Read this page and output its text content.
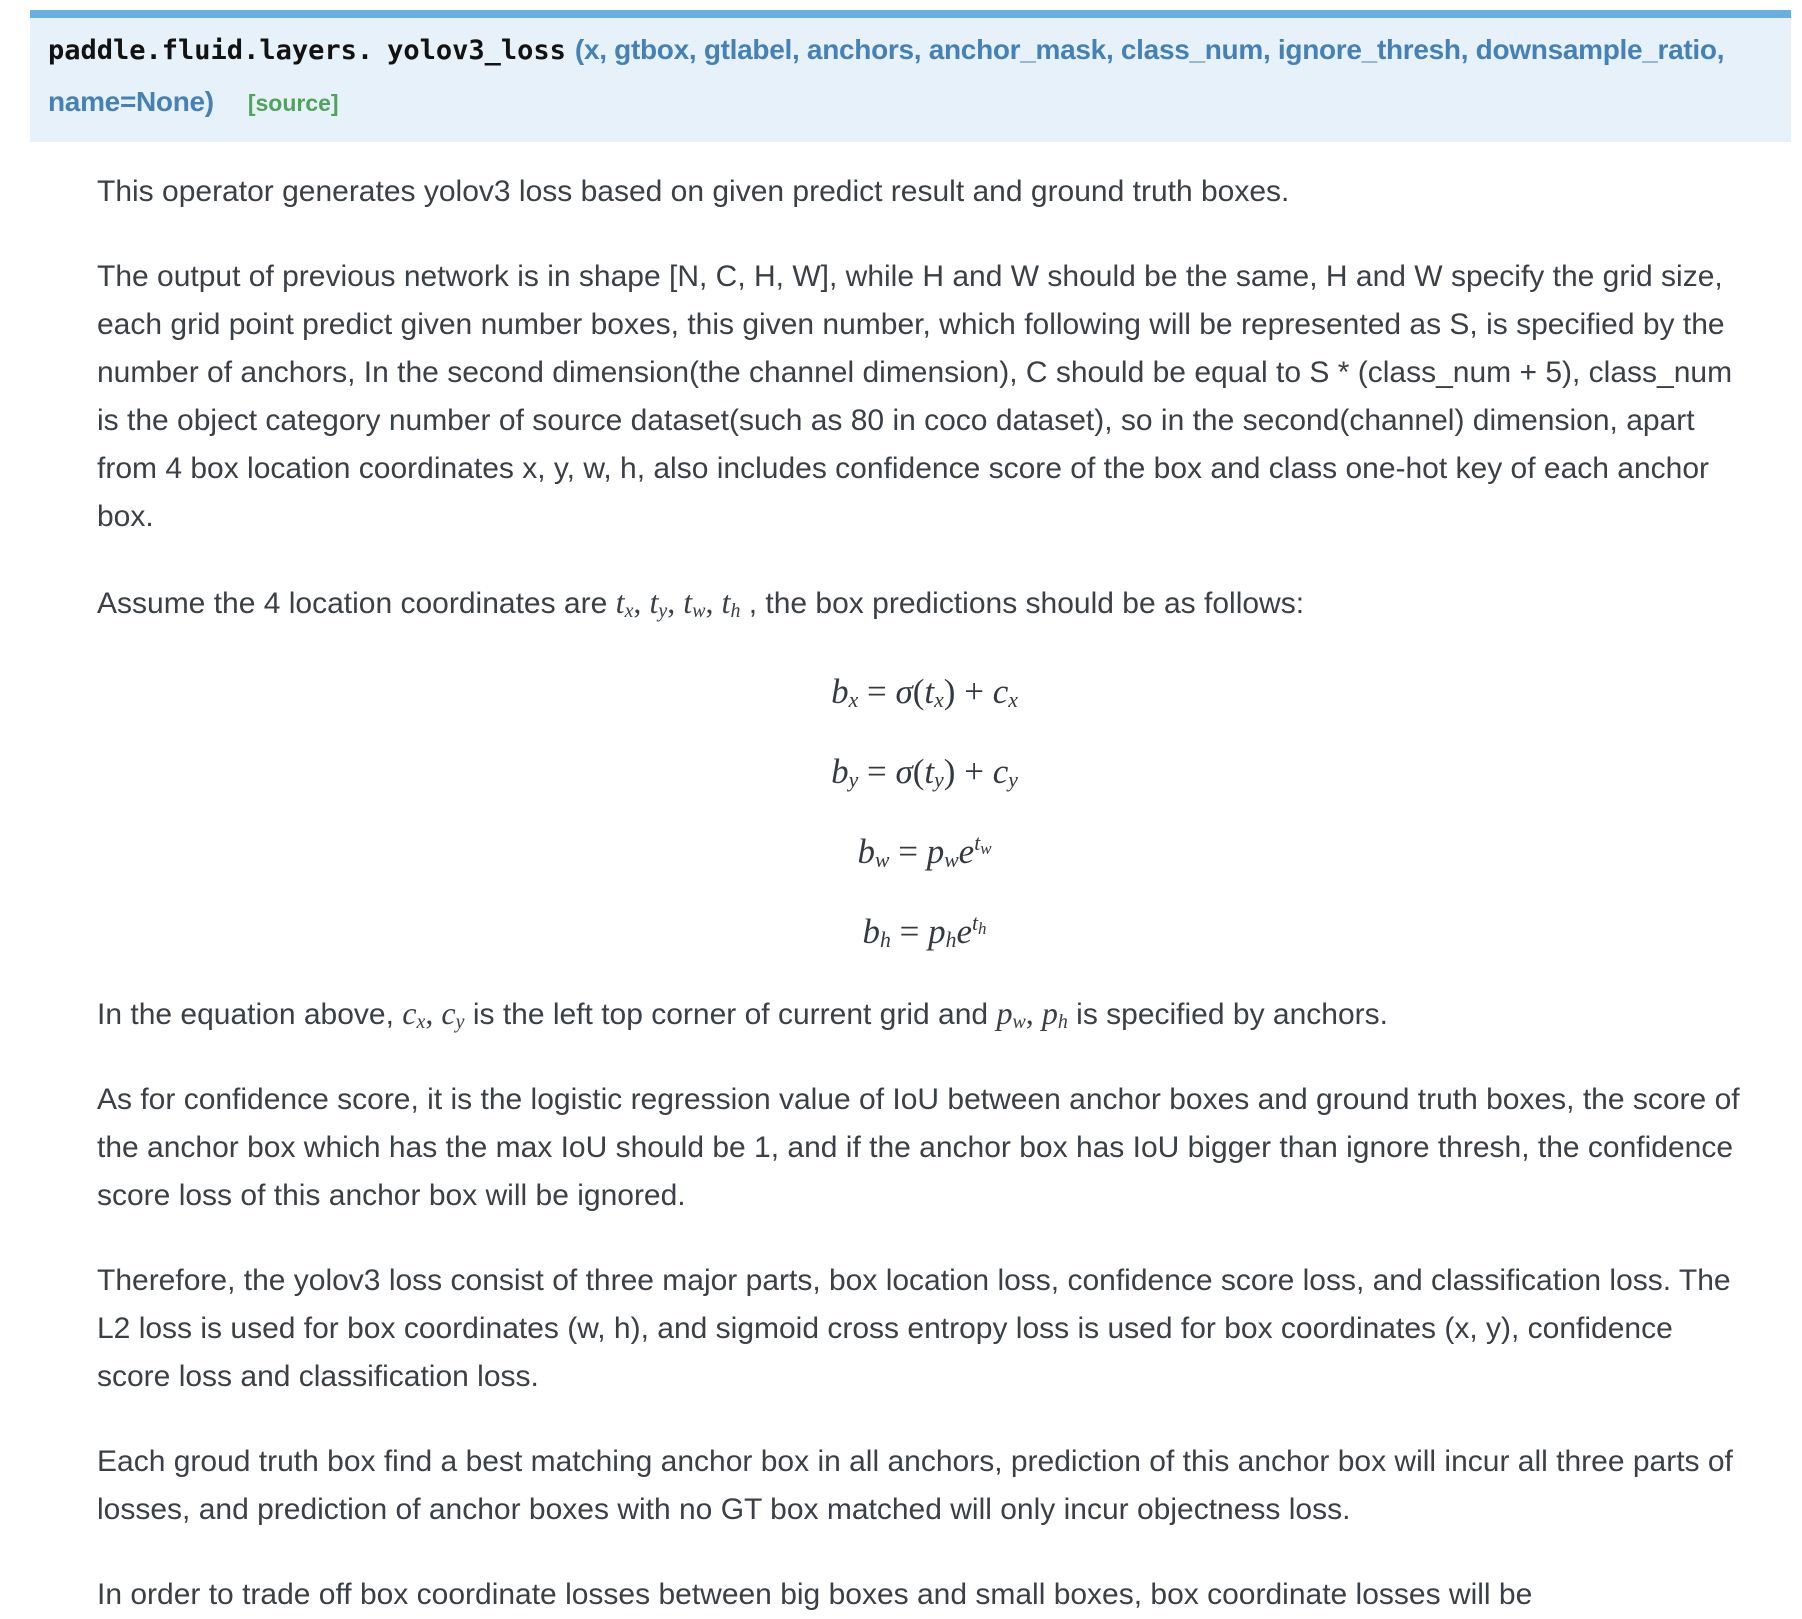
paddle.fluid.layers. yolov3_loss (x, gtbox, gtlabel, anchors, anchor_mask, class_num, ignore_thresh, downsample_ratio, name=None) [source]

This operator generates yolov3 loss based on given predict result and ground truth boxes.

The output of previous network is in shape [N, C, H, W], while H and W should be the same, H and W specify the grid size, each grid point predict given number boxes, this given number, which following will be represented as S, is specified by the number of anchors, In the second dimension(the channel dimension), C should be equal to S * (class_num + 5), class_num is the object category number of source dataset(such as 80 in coco dataset), so in the second(channel) dimension, apart from 4 box location coordinates x, y, w, h, also includes confidence score of the box and class one-hot key of each anchor box.

Assume the 4 location coordinates are $t_x$, $t_y$, $t_w$, $t_h$ , the box predictions should be as follows:

$b_x = \sigma(t_x) + c_x$
$b_y = \sigma(t_y) + c_y$
$b_w = p_we^{t_w}$
$b_h = p_he^{t_h}$

In the equation above, $c_x$, $c_y$ is the left top corner of current grid and $p_w$, $p_h$ is specified by anchors.

As for confidence score, it is the logistic regression value of IoU between anchor boxes and ground truth boxes, the score of the anchor box which has the max IoU should be 1, and if the anchor box has IoU bigger than ignore thresh, the confidence score loss of this anchor box will be ignored.

Therefore, the yolov3 loss consist of three major parts, box location loss, confidence score loss, and classification loss. The L2 loss is used for box coordinates (w, h), and sigmoid cross entropy loss is used for box coordinates (x, y), confidence score loss and classification loss.

Each groud truth box find a best matching anchor box in all anchors, prediction of this anchor box will incur all three parts of losses, and prediction of anchor boxes with no GT box matched will only incur objectness loss.

In order to trade off box coordinate losses between big boxes and small boxes, box coordinate losses will be
